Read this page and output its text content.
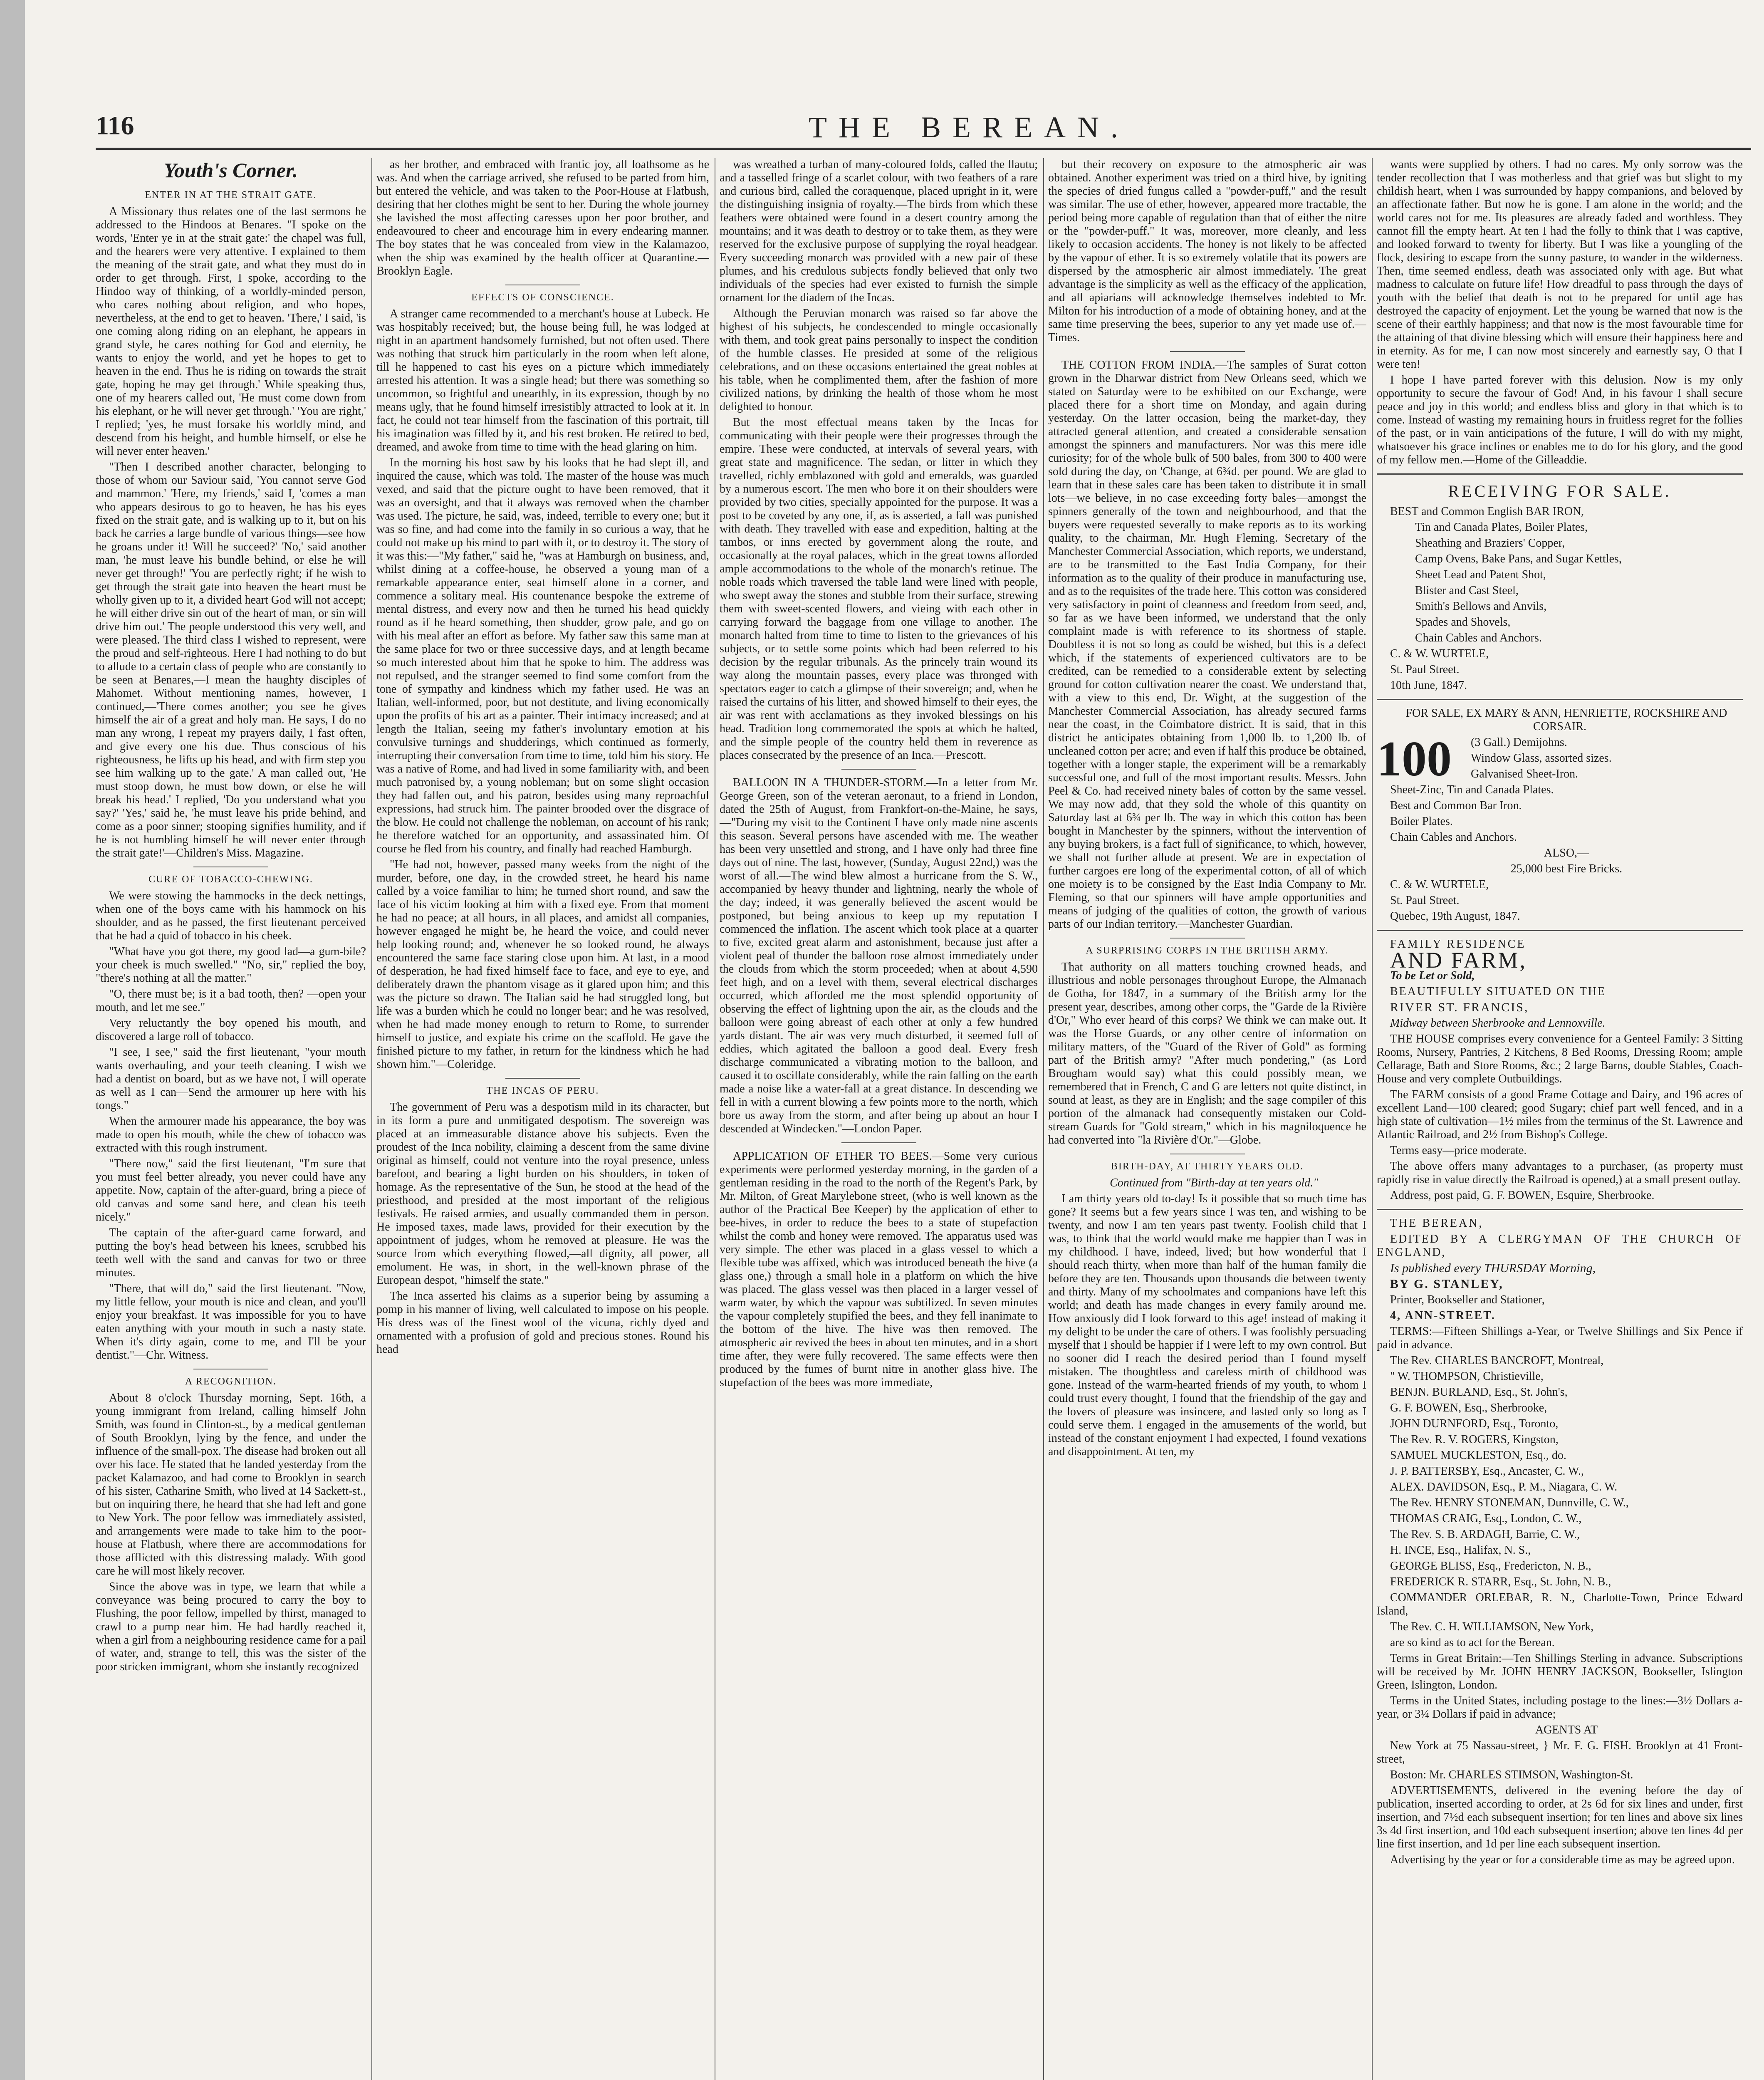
116	THE BEREAN.
Youth's Corner.
ENTER IN AT THE STRAIT GATE.

A Missionary thus relates one of the last sermons he addressed to the Hindoos at Benares. "I spoke on the words, 'Enter ye in at the strait gate:' the chapel was full, and the hearers were very attentive. I explained to them the meaning of the strait gate, and what they must do in order to get through. First, I spoke, according to the Hindoo way of thinking, of a worldly-minded person, who cares nothing about religion, and who hopes, nevertheless, at the end to get to heaven. 'There,' I said, 'is one coming along riding on an elephant, he appears in grand style, he cares nothing for God and eternity, he wants to enjoy the world, and yet he hopes to get to heaven in the end. Thus he is riding on towards the strait gate, hoping he may get through.' While speaking thus, one of my hearers called out, 'He must come down from his elephant, or he will never get through.' 'You are right,' I replied; 'yes, he must forsake his worldly mind, and descend from his height, and humble himself, or else he will never enter heaven.'

"Then I described another character, belonging to those of whom our Saviour said, 'You cannot serve God and mammon.' 'Here, my friends,' said I, 'comes a man who appears desirous to go to heaven, he has his eyes fixed on the strait gate, and is walking up to it, but on his back he carries a large bundle of various things—see how he groans under it! Will he succeed?' 'No,' said another man, 'he must leave his bundle behind, or else he will never get through!' 'You are perfectly right; if he wish to get through the strait gate into heaven the heart must be wholly given up to it, a divided heart God will not accept; he will either drive sin out of the heart of man, or sin will drive him out.' The people understood this very well, and were pleased. The third class I wished to represent, were the proud and self-righteous. Here I had nothing to do but to allude to a certain class of people who are constantly to be seen at Benares,—I mean the haughty disciples of Mahomet. Without mentioning names, however, I continued,—'There comes another; you see he gives himself the air of a great and holy man. He says, I do no man any wrong, I repeat my prayers daily, I fast often, and give every one his due. Thus conscious of his righteousness, he lifts up his head, and with firm step you see him walking up to the gate.' A man called out, 'He must stoop down, he must bow down, or else he will break his head.' I replied, 'Do you understand what you say?' 'Yes,' said he, 'he must leave his pride behind, and come as a poor sinner; stooping signifies humility, and if he is not humbling himself he will never enter through the strait gate!'—Children's Miss. Magazine.

CURE OF TOBACCO-CHEWING.

We were stowing the hammocks in the deck nettings, when one of the boys came with his hammock on his shoulder, and as he passed, the first lieutenant perceived that he had a quid of tobacco in his cheek.

"What have you got there, my good lad—a gum-bile? your cheek is much swelled." "No, sir," replied the boy, "there's nothing at all the matter."

"O, there must be; is it a bad tooth, then? —open your mouth, and let me see."

Very reluctantly the boy opened his mouth, and discovered a large roll of tobacco.

"I see, I see," said the first lieutenant, "your mouth wants overhauling, and your teeth cleaning. I wish we had a dentist on board, but as we have not, I will operate as well as I can—Send the armourer up here with his tongs."

When the armourer made his appearance, the boy was made to open his mouth, while the chew of tobacco was extracted with this rough instrument.

"There now," said the first lieutenant, "I'm sure that you must feel better already, you never could have any appetite. Now, captain of the after-guard, bring a piece of old canvas and some sand here, and clean his teeth nicely."

The captain of the after-guard came forward, and putting the boy's head between his knees, scrubbed his teeth well with the sand and canvas for two or three minutes.

"There, that will do," said the first lieutenant. "Now, my little fellow, your mouth is nice and clean, and you'll enjoy your breakfast. It was impossible for you to have eaten anything with your mouth in such a nasty state. When it's dirty again, come to me, and I'll be your dentist."—Chr. Witness.

A RECOGNITION.

About 8 o'clock Thursday morning, Sept. 16th, a young immigrant from Ireland, calling himself John Smith, was found in Clinton-st., by a medical gentleman of South Brooklyn, lying by the fence, and under the influence of the small-pox. The disease had broken out all over his face. He stated that he landed yesterday from the packet Kalamazoo, and had come to Brooklyn in search of his sister, Catharine Smith, who lived at 14 Sackett-st., but on inquiring there, he heard that she had left and gone to New York. The poor fellow was immediately assisted, and arrangements were made to take him to the poor-house at Flatbush, where there are accommodations for those afflicted with this distressing malady. With good care he will most likely recover.

Since the above was in type, we learn that while a conveyance was being procured to carry the boy to Flushing, the poor fellow, impelled by thirst, managed to crawl to a pump near him. He had hardly reached it, when a girl from a neighbouring residence came for a pail of water, and, strange to tell, this was the sister of the poor stricken immigrant, whom she instantly recognized

as her brother, and embraced with frantic joy, all loathsome as he was. And when the carriage arrived, she refused to be parted from him, but entered the vehicle, and was taken to the Poor-House at Flatbush, desiring that her clothes might be sent to her. During the whole journey she lavished the most affecting caresses upon her poor brother, and endeavoured to cheer and encourage him in every endearing manner. The boy states that he was concealed from view in the Kalamazoo, when the ship was examined by the health officer at Quarantine.—Brooklyn Eagle.

EFFECTS OF CONSCIENCE.

A stranger came recommended to a merchant's house at Lubeck. He was hospitably received; but, the house being full, he was lodged at night in an apartment handsomely furnished, but not often used. There was nothing that struck him particularly in the room when left alone, till he happened to cast his eyes on a picture which immediately arrested his attention. It was a single head; but there was something so uncommon, so frightful and unearthly, in its expression, though by no means ugly, that he found himself irresistibly attracted to look at it. In fact, he could not tear himself from the fascination of this portrait, till his imagination was filled by it, and his rest broken. He retired to bed, dreamed, and awoke from time to time with the head glaring on him.

In the morning his host saw by his looks that he had slept ill, and inquired the cause, which was told. The master of the house was much vexed, and said that the picture ought to have been removed, that it was an oversight, and that it always was removed when the chamber was used. The picture, he said, was, indeed, terrible to every one; but it was so fine, and had come into the family in so curious a way, that he could not make up his mind to part with it, or to destroy it. The story of it was this:—"My father," said he, "was at Hamburgh on business, and, whilst dining at a coffee-house, he observed a young man of a remarkable appearance enter, seat himself alone in a corner, and commence a solitary meal. His countenance bespoke the extreme of mental distress, and every now and then he turned his head quickly round as if he heard something, then shudder, grow pale, and go on with his meal after an effort as before. My father saw this same man at the same place for two or three successive days, and at length became so much interested about him that he spoke to him. The address was not repulsed, and the stranger seemed to find some comfort from the tone of sympathy and kindness which my father used. He was an Italian, well-informed, poor, but not destitute, and living economically upon the profits of his art as a painter. Their intimacy increased; and at length the Italian, seeing my father's involuntary emotion at his convulsive turnings and shudderings, which continued as formerly, interrupting their conversation from time to time, told him his story. He was a native of Rome, and had lived in some familiarity with, and been much patronised by, a young nobleman; but on some slight occasion they had fallen out, and his patron, besides using many reproachful expressions, had struck him. The painter brooded over the disgrace of the blow. He could not challenge the nobleman, on account of his rank; he therefore watched for an opportunity, and assassinated him. Of course he fled from his country, and finally had reached Hamburgh.

"He had not, however, passed many weeks from the night of the murder, before, one day, in the crowded street, he heard his name called by a voice familiar to him; he turned short round, and saw the face of his victim looking at him with a fixed eye. From that moment he had no peace; at all hours, in all places, and amidst all companies, however engaged he might be, he heard the voice, and could never help looking round; and, whenever he so looked round, he always encountered the same face staring close upon him. At last, in a mood of desperation, he had fixed himself face to face, and eye to eye, and deliberately drawn the phantom visage as it glared upon him; and this was the picture so drawn. The Italian said he had struggled long, but life was a burden which he could no longer bear; and he was resolved, when he had made money enough to return to Rome, to surrender himself to justice, and expiate his crime on the scaffold. He gave the finished picture to my father, in return for the kindness which he had shown him."—Coleridge.

THE INCAS OF PERU.

The government of Peru was a despotism mild in its character, but in its form a pure and unmitigated despotism. The sovereign was placed at an immeasurable distance above his subjects. Even the proudest of the Inca nobility, claiming a descent from the same divine original as himself, could not venture into the royal presence, unless barefoot, and bearing a light burden on his shoulders, in token of homage. As the representative of the Sun, he stood at the head of the priesthood, and presided at the most important of the religious festivals. He raised armies, and usually commanded them in person. He imposed taxes, made laws, provided for their execution by the appointment of judges, whom he removed at pleasure. He was the source from which everything flowed,—all dignity, all power, all emolument. He was, in short, in the well-known phrase of the European despot, "himself the state."

The Inca asserted his claims as a superior being by assuming a pomp in his manner of living, well calculated to impose on his people. His dress was of the finest wool of the vicuna, richly dyed and ornamented with a profusion of gold and precious stones. Round his head

was wreathed a turban of many-coloured folds, called the llautu; and a tasselled fringe of a scarlet colour, with two feathers of a rare and curious bird, called the coraquenque, placed upright in it, were the distinguishing insignia of royalty.—The birds from which these feathers were obtained were found in a desert country among the mountains; and it was death to destroy or to take them, as they were reserved for the exclusive purpose of supplying the royal headgear. Every succeeding monarch was provided with a new pair of these plumes, and his credulous subjects fondly believed that only two individuals of the species had ever existed to furnish the simple ornament for the diadem of the Incas.

Although the Peruvian monarch was raised so far above the highest of his subjects, he condescended to mingle occasionally with them, and took great pains personally to inspect the condition of the humble classes. He presided at some of the religious celebrations, and on these occasions entertained the great nobles at his table, when he complimented them, after the fashion of more civilized nations, by drinking the health of those whom he most delighted to honour.

But the most effectual means taken by the Incas for communicating with their people were their progresses through the empire. These were conducted, at intervals of several years, with great state and magnificence. The sedan, or litter in which they travelled, richly emblazoned with gold and emeralds, was guarded by a numerous escort. The men who bore it on their shoulders were provided by two cities, specially appointed for the purpose. It was a post to be coveted by any one, if, as is asserted, a fall was punished with death. They travelled with ease and expedition, halting at the tambos, or inns erected by government along the route, and occasionally at the royal palaces, which in the great towns afforded ample accommodations to the whole of the monarch's retinue. The noble roads which traversed the table land were lined with people, who swept away the stones and stubble from their surface, strewing them with sweet-scented flowers, and vieing with each other in carrying forward the baggage from one village to another. The monarch halted from time to time to listen to the grievances of his subjects, or to settle some points which had been referred to his decision by the regular tribunals. As the princely train wound its way along the mountain passes, every place was thronged with spectators eager to catch a glimpse of their sovereign; and, when he raised the curtains of his litter, and showed himself to their eyes, the air was rent with acclamations as they invoked blessings on his head. Tradition long commemorated the spots at which he halted, and the simple people of the country held them in reverence as places consecrated by the presence of an Inca.—Prescott.

BALLOON IN A THUNDER-STORM.—In a letter from Mr. George Green, son of the veteran aeronaut, to a friend in London, dated the 25th of August, from Frankfort-on-the-Maine, he says,—"During my visit to the Continent I have only made nine ascents this season. Several persons have ascended with me. The weather has been very unsettled and strong, and I have only had three fine days out of nine. The last, however, (Sunday, August 22nd,) was the worst of all.—The wind blew almost a hurricane from the S. W., accompanied by heavy thunder and lightning, nearly the whole of the day; indeed, it was generally believed the ascent would be postponed, but being anxious to keep up my reputation I commenced the inflation. The ascent which took place at a quarter to five, excited great alarm and astonishment, because just after a violent peal of thunder the balloon rose almost immediately under the clouds from which the storm proceeded; when at about 4,590 feet high, and on a level with them, several electrical discharges occurred, which afforded me the most splendid opportunity of observing the effect of lightning upon the air, as the clouds and the balloon were going abreast of each other at only a few hundred yards distant. The air was very much disturbed, it seemed full of eddies, which agitated the balloon a good deal. Every fresh discharge communicated a vibrating motion to the balloon, and caused it to oscillate considerably, while the rain falling on the earth made a noise like a water-fall at a great distance. In descending we fell in with a current blowing a few points more to the north, which bore us away from the storm, and after being up about an hour I descended at Windecken."—London Paper.

APPLICATION OF ETHER TO BEES.—Some very curious experiments were performed yesterday morning, in the garden of a gentleman residing in the road to the north of the Regent's Park, by Mr. Milton, of Great Marylebone street, (who is well known as the author of the Practical Bee Keeper) by the application of ether to bee-hives, in order to reduce the bees to a state of stupefaction whilst the comb and honey were removed. The apparatus used was very simple. The ether was placed in a glass vessel to which a flexible tube was affixed, which was introduced beneath the hive (a glass one,) through a small hole in a platform on which the hive was placed. The glass vessel was then placed in a larger vessel of warm water, by which the vapour was subtilized. In seven minutes the vapour completely stupified the bees, and they fell inanimate to the bottom of the hive. The hive was then removed. The atmospheric air revived the bees in about ten minutes, and in a short time after, they were fully recovered. The same effects were then produced by the fumes of burnt nitre in another glass hive. The stupefaction of the bees was more immediate,

but their recovery on exposure to the atmospheric air was obtained. Another experiment was tried on a third hive, by igniting the species of dried fungus called a "powder-puff," and the result was similar. The use of ether, however, appeared more tractable, the period being more capable of regulation than that of either the nitre or the "powder-puff." It was, moreover, more cleanly, and less likely to occasion accidents. The honey is not likely to be affected by the vapour of ether. It is so extremely volatile that its powers are dispersed by the atmospheric air almost immediately. The great advantage is the simplicity as well as the efficacy of the application, and all apiarians will acknowledge themselves indebted to Mr. Milton for his introduction of a mode of obtaining honey, and at the same time preserving the bees, superior to any yet made use of.—Times.

THE COTTON FROM INDIA.—The samples of Surat cotton grown in the Dharwar district from New Orleans seed, which we stated on Saturday were to be exhibited on our Exchange, were placed there for a short time on Monday, and again during yesterday. On the latter occasion, being the market-day, they attracted general attention, and created a considerable sensation amongst the spinners and manufacturers. Nor was this mere idle curiosity; for of the whole bulk of 500 bales, from 300 to 400 were sold during the day, on 'Change, at 6¾d. per pound. We are glad to learn that in these sales care has been taken to distribute it in small lots—we believe, in no case exceeding forty bales—amongst the spinners generally of the town and neighbourhood, and that the buyers were requested severally to make reports as to its working quality, to the chairman, Mr. Hugh Fleming. Secretary of the Manchester Commercial Association, which reports, we understand, are to be transmitted to the East India Company, for their information as to the quality of their produce in manufacturing use, and as to the requisites of the trade here. This cotton was considered very satisfactory in point of cleanness and freedom from seed, and, so far as we have been informed, we understand that the only complaint made is with reference to its shortness of staple. Doubtless it is not so long as could be wished, but this is a defect which, if the statements of experienced cultivators are to be credited, can be remedied to a considerable extent by selecting ground for cotton cultivation nearer the coast. We understand that, with a view to this end, Dr. Wight, at the suggestion of the Manchester Commercial Association, has already secured farms near the coast, in the Coimbatore district. It is said, that in this district he anticipates obtaining from 1,000 lb. to 1,200 lb. of uncleaned cotton per acre; and even if half this produce be obtained, together with a longer staple, the experiment will be a remarkably successful one, and full of the most important results. Messrs. John Peel & Co. had received ninety bales of cotton by the same vessel. We may now add, that they sold the whole of this quantity on Saturday last at 6¾ per lb. The way in which this cotton has been bought in Manchester by the spinners, without the intervention of any buying brokers, is a fact full of significance, to which, however, we shall not further allude at present. We are in expectation of further cargoes ere long of the experimental cotton, of all of which one moiety is to be consigned by the East India Company to Mr. Fleming, so that our spinners will have ample opportunities and means of judging of the qualities of cotton, the growth of various parts of our Indian territory.—Manchester Guardian.

A SURPRISING CORPS IN THE BRITISH ARMY.

That authority on all matters touching crowned heads, and illustrious and noble personages throughout Europe, the Almanach de Gotha, for 1847, in a summary of the British army for the present year, describes, among other corps, the "Garde de la Rivière d'Or," Who ever heard of this corps? We think we can make out. It was the Horse Guards, or any other centre of information on military matters, of the "Guard of the River of Gold" as forming part of the British army? "After much pondering," (as Lord Brougham would say) what this could possibly mean, we remembered that in French, C and G are letters not quite distinct, in sound at least, as they are in English; and the sage compiler of this portion of the almanack had consequently mistaken our Cold-stream Guards for "Gold stream," which in his magniloquence he had converted into "la Rivière d'Or."—Globe.

BIRTH-DAY, AT THIRTY YEARS OLD.

Continued from "Birth-day at ten years old."

I am thirty years old to-day! Is it possible that so much time has gone? It seems but a few years since I was ten, and wishing to be twenty, and now I am ten years past twenty. Foolish child that I was, to think that the world would make me happier than I was in my childhood. I have, indeed, lived; but how wonderful that I should reach thirty, when more than half of the human family die before they are ten. Thousands upon thousands die between twenty and thirty. Many of my schoolmates and companions have left this world; and death has made changes in every family around me. How anxiously did I look forward to this age! instead of making it my delight to be under the care of others. I was foolishly persuading myself that I should be happier if I were left to my own control. But no sooner did I reach the desired period than I found myself mistaken. The thoughtless and careless mirth of childhood was gone. Instead of the warm-hearted friends of my youth, to whom I could trust every thought, I found that the friendship of the gay and the lovers of pleasure was insincere, and lasted only so long as I could serve them. I engaged in the amusements of the world, but instead of the constant enjoyment I had expected, I found vexations and disappointment. At ten, my

wants were supplied by others. I had no cares. My only sorrow was the tender recollection that I was motherless and that grief was but slight to my childish heart, when I was surrounded by happy companions, and beloved by an affectionate father. But now he is gone. I am alone in the world; and the world cares not for me. Its pleasures are already faded and worthless. They cannot fill the empty heart. At ten I had the folly to think that I was captive, and looked forward to twenty for liberty. But I was like a youngling of the flock, desiring to escape from the sunny pasture, to wander in the wilderness. Then, time seemed endless, death was associated only with age. But what madness to calculate on future life! How dreadful to pass through the days of youth with the belief that death is not to be prepared for until age has destroyed the capacity of enjoyment. Let the young be warned that now is the scene of their earthly happiness; and that now is the most favourable time for the attaining of that divine blessing which will ensure their happiness here and in eternity. As for me, I can now most sincerely and earnestly say, O that I were ten!

I hope I have parted forever with this delusion. Now is my only opportunity to secure the favour of God! And, in his favour I shall secure peace and joy in this world; and endless bliss and glory in that which is to come. Instead of wasting my remaining hours in fruitless regret for the follies of the past, or in vain anticipations of the future, I will do with my might, whatsoever his grace inclines or enables me to do for his glory, and the good of my fellow men.—Home of the Gilleaddie.

RECEIVING FOR SALE.

BEST and Common English BAR IRON,

Tin and Canada Plates, Boiler Plates,

Sheathing and Braziers' Copper,

Camp Ovens, Bake Pans, and Sugar Kettles,

Sheet Lead and Patent Shot,

Blister and Cast Steel,

Smith's Bellows and Anvils,

Spades and Shovels,

Chain Cables and Anchors.

C. & W. WURTELE,

St. Paul Street.

10th June, 1847.

FOR SALE, EX MARY & ANN, HENRIETTE, ROCKSHIRE AND CORSAIR.

100	(3 Gall.) Demijohns.

Window Glass, assorted sizes.

Galvanised Sheet-Iron.

Sheet-Zinc, Tin and Canada Plates.

Best and Common Bar Iron.

Boiler Plates.

Chain Cables and Anchors.

ALSO,—

25,000 best Fire Bricks.

C. & W. WURTELE,

St. Paul Street.

Quebec, 19th August, 1847.

FAMILY RESIDENCE

AND FARM,

To be Let or Sold,

BEAUTIFULLY SITUATED ON THE

RIVER ST. FRANCIS,

Midway between Sherbrooke and Lennoxville.

THE HOUSE comprises every convenience for a Genteel Family: 3 Sitting Rooms, Nursery, Pantries, 2 Kitchens, 8 Bed Rooms, Dressing Room; ample Cellarage, Bath and Store Rooms, &c.; 2 large Barns, double Stables, Coach-House and very complete Outbuildings.

The FARM consists of a good Frame Cottage and Dairy, and 196 acres of excellent Land—100 cleared; good Sugary; chief part well fenced, and in a high state of cultivation—1½ miles from the terminus of the St. Lawrence and Atlantic Railroad, and 2½ from Bishop's College.

Terms easy—price moderate.

The above offers many advantages to a purchaser, (as property must rapidly rise in value directly the Railroad is opened,) at a small present outlay.

Address, post paid, G. F. BOWEN, Esquire, Sherbrooke.

THE BEREAN,

EDITED BY A CLERGYMAN OF THE CHURCH OF ENGLAND,

Is published every THURSDAY Morning,

BY G. STANLEY,

Printer, Bookseller and Stationer,

4, ANN-STREET.

TERMS:—Fifteen Shillings a-Year, or Twelve Shillings and Six Pence if paid in advance.

The Rev. CHARLES BANCROFT, Montreal,

" W. THOMPSON, Christieville,

BENJN. BURLAND, Esq., St. John's,

G. F. BOWEN, Esq., Sherbrooke,

JOHN DURNFORD, Esq., Toronto,

The Rev. R. V. ROGERS, Kingston,

SAMUEL MUCKLESTON, Esq., do.

J. P. BATTERSBY, Esq., Ancaster, C. W.,

ALEX. DAVIDSON, Esq., P. M., Niagara, C. W.

The Rev. HENRY STONEMAN, Dunnville, C. W.,

THOMAS CRAIG, Esq., London, C. W.,

The Rev. S. B. ARDAGH, Barrie, C. W.,

H. INCE, Esq., Halifax, N. S.,

GEORGE BLISS, Esq., Fredericton, N. B.,

FREDERICK R. STARR, Esq., St. John, N. B.,

COMMANDER ORLEBAR, R. N., Charlotte-Town, Prince Edward Island,

The Rev. C. H. WILLIAMSON, New York,

are so kind as to act for the Berean.

Terms in Great Britain:—Ten Shillings Sterling in advance. Subscriptions will be received by Mr. JOHN HENRY JACKSON, Bookseller, Islington Green, Islington, London.

Terms in the United States, including postage to the lines:—3½ Dollars a-year, or 3¼ Dollars if paid in advance;

AGENTS AT

New York at 75 Nassau-street, } Mr. F. G. FISH. Brooklyn at 41 Front-street,

Boston: Mr. CHARLES STIMSON, Washington-St.

ADVERTISEMENTS, delivered in the evening before the day of publication, inserted according to order, at 2s 6d for six lines and under, first insertion, and 7½d each subsequent insertion; for ten lines and above six lines 3s 4d first insertion, and 10d each subsequent insertion; above ten lines 4d per line first insertion, and 1d per line each subsequent insertion.

Advertising by the year or for a considerable time as may be agreed upon.
